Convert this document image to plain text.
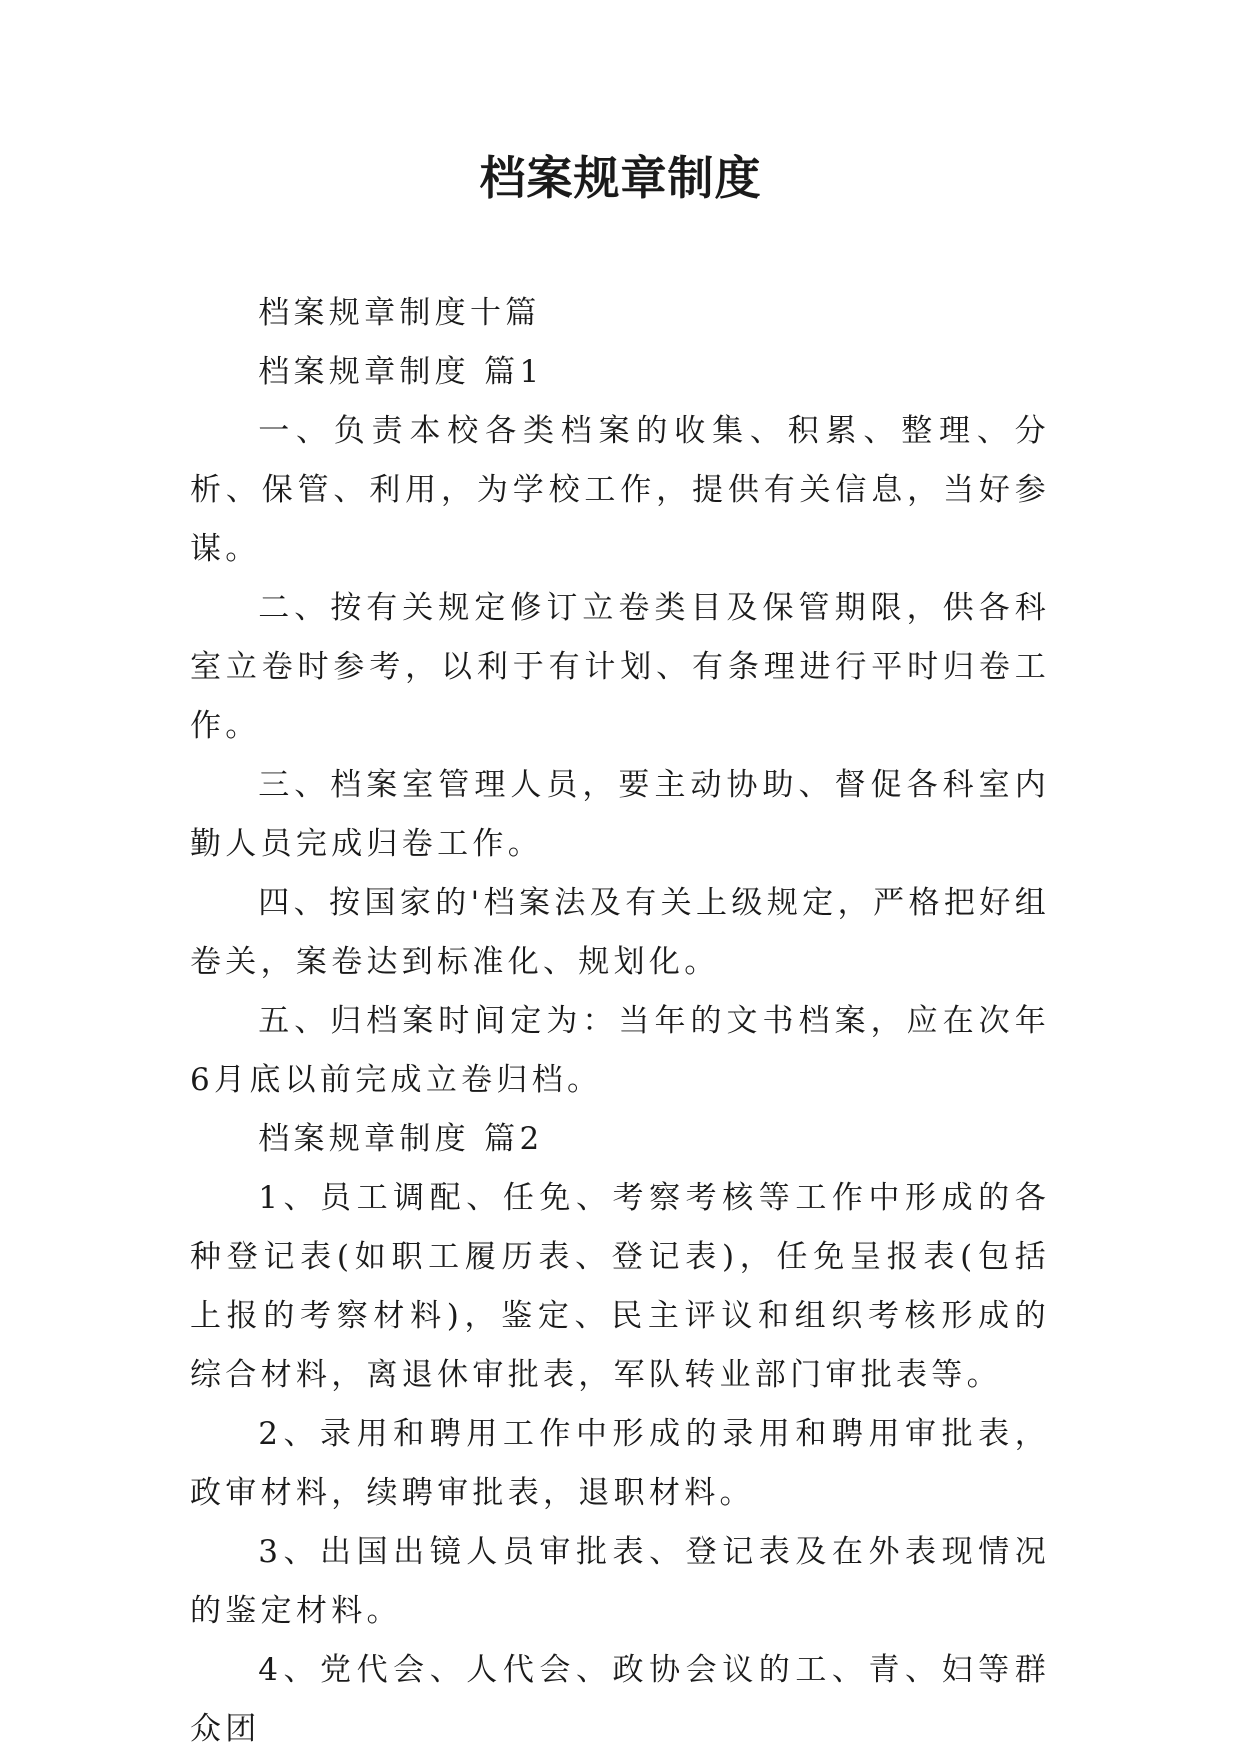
档案规章制度

档案规章制度十篇

档案规章制度 篇1

一、负责本校各类档案的收集、积累、整理、分析、保管、利用，为学校工作，提供有关信息，当好参谋。

二、按有关规定修订立卷类目及保管期限，供各科室立卷时参考，以利于有计划、有条理进行平时归卷工作。

三、档案室管理人员，要主动协助、督促各科室内勤人员完成归卷工作。

四、按国家的'档案法及有关上级规定，严格把好组卷关，案卷达到标准化、规划化。

五、归档案时间定为：当年的文书档案，应在次年6月底以前完成立卷归档。

档案规章制度 篇2

1、员工调配、任免、考察考核等工作中形成的各种登记表(如职工履历表、登记表)，任免呈报表(包括上报的考察材料)，鉴定、民主评议和组织考核形成的综合材料，离退休审批表，军队转业部门审批表等。

2、录用和聘用工作中形成的录用和聘用审批表，政审材料，续聘审批表，退职材料。

3、出国出镜人员审批表、登记表及在外表现情况的鉴定材料。

4、党代会、人代会、政协会议的工、青、妇等群众团
